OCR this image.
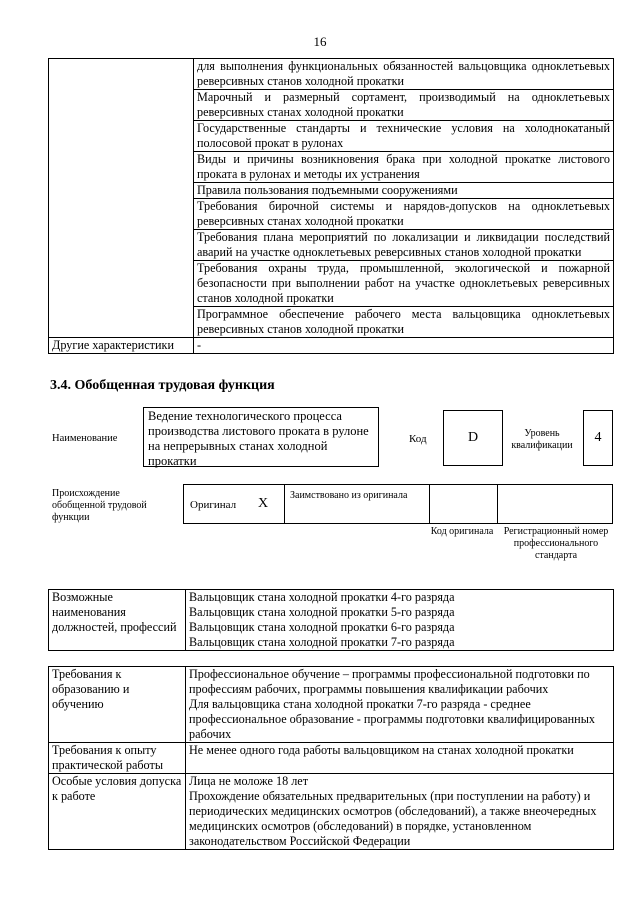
16
	для выполнения функциональных обязанностей вальцовщика одноклетьевых реверсивных станов холодной прокатки
	Марочный и размерный сортамент, производимый на одноклетьевых реверсивных станах холодной прокатки
	Государственные стандарты и технические условия на холоднокатаный полосовой прокат в рулонах
	Виды и причины возникновения брака при холодной прокатке листового проката в рулонах и методы их устранения
	Правила пользования подъемными сооружениями
	Требования бирочной системы и нарядов-допусков на одноклетьевых реверсивных станах холодной прокатки
	Требования плана мероприятий по локализации и ликвидации последствий аварий на участке одноклетьевых реверсивных станов холодной прокатки
	Требования охраны труда, промышленной, экологической и пожарной безопасности при выполнении работ на участке одноклетьевых реверсивных станов холодной прокатки
	Программное обеспечение рабочего места вальцовщика одноклетьевых реверсивных станов холодной прокатки
Другие характеристики	-
3.4. Обобщенная трудовая функция
Наименование
Ведение технологического процесса производства листового проката в рулоне на непрерывных станах холодной прокатки
Код	D	Уровень квалификации
4
Происхождение обобщенной трудовой функции
Оригинал X
Заимствовано из оригинала
Код оригинала	Регистрационный номер профессионального стандарта
Возможные наименования должностей, профессий	
Вальцовщик стана холодной прокатки 4-го разряда
Вальцовщик стана холодной прокатки 5-го разряда
Вальцовщик стана холодной прокатки 6-го разряда
Вальцовщик стана холодной прокатки 7-го разряда
Требования к образованию и обучению	Профессиональное обучение – программы профессиональной подготовки по профессиям рабочих, программы повышения квалификации рабочих
Для вальцовщика стана холодной прокатки 7-го разряда - среднее профессиональное образование - программы подготовки квалифицированных рабочих

Требования к опыту практической работы	Не менее одного года работы вальцовщиком на станах холодной прокатки
Особые условия допуска к работе	Лица не моложе 18 лет
Прохождение обязательных предварительных (при поступлении на работу) и периодических медицинских осмотров (обследований), а также внеочередных медицинских осмотров (обследований) в порядке, установленном законодательством Российской Федерации
